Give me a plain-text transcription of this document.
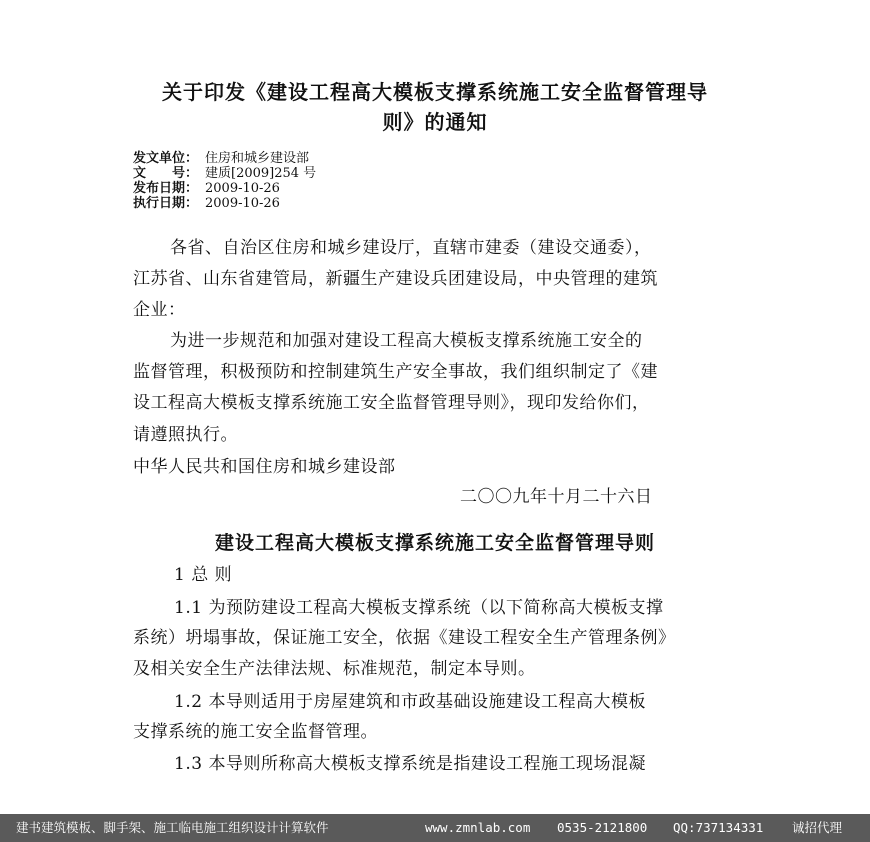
关于印发《建设工程高大模板支撑系统施工安全监督管理导
则》的通知
发文单位： 住房和城乡建设部
文　　号： 建质[2009]254 号
发布日期： 2009-10-26
执行日期： 2009-10-26
各省、自治区住房和城乡建设厅，直辖市建委（建设交通委），
江苏省、山东省建管局，新疆生产建设兵团建设局，中央管理的建筑
企业：
为进一步规范和加强对建设工程高大模板支撑系统施工安全的
监督管理，积极预防和控制建筑生产安全事故，我们组织制定了《建
设工程高大模板支撑系统施工安全监督管理导则》，现印发给你们，
请遵照执行。
中华人民共和国住房和城乡建设部
二〇〇九年十月二十六日
建设工程高大模板支撑系统施工安全监督管理导则
1 总 则
1.1 为预防建设工程高大模板支撑系统（以下简称高大模板支撑
系统）坍塌事故，保证施工安全，依据《建设工程安全生产管理条例》
及相关安全生产法律法规、标准规范，制定本导则。
1.2 本导则适用于房屋建筑和市政基础设施建设工程高大模板
支撑系统的施工安全监督管理。
1.3 本导则所称高大模板支撑系统是指建设工程施工现场混凝
建书建筑模板、脚手架、施工临电施工组织设计计算软件	www.zmnlab.com 0535-2121800 QQ:737134331 诚招代理
